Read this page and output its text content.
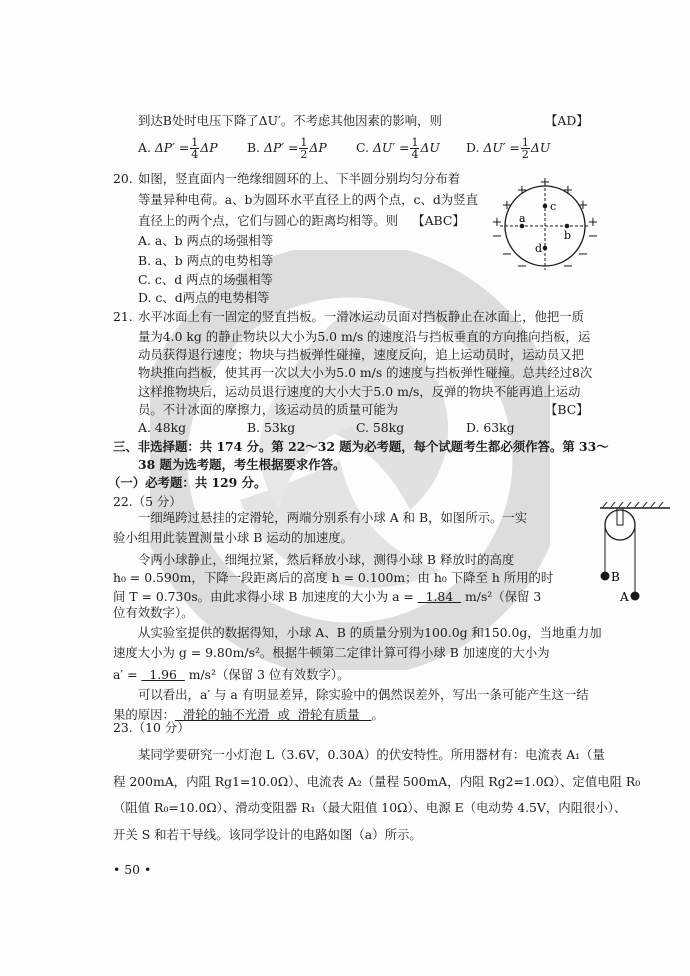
到达B处时电压下降了ΔU′。不考虑其他因素的影响，则	【AD】
A. $\Delta P' = \frac{1}{4}$ ΔP B. $\Delta P' = \frac{1}{2}$ ΔP C. $\Delta U' = \frac{1}{4}$ ΔU D. $\Delta U' = \frac{1}{2}$ ΔU
20. 如图，竖直面内一绝缘细圆环的上、下半圆分别均匀分布着
等量异种电荷。a、b为圆环水平直径上的两个点，c、d为竖直
直径上的两个点，它们与圆心的距离均相等。则 【ABC】
A. a、b 两点的场强相等
B. a、b 两点的电势相等
C. c、d 两点的场强相等
D. c、d两点的电势相等
+
+	+
+	+
+	+
−	−
−	−
−	−
c
a
b
d
21. 水平冰面上有一固定的竖直挡板。一滑冰运动员面对挡板静止在冰面上，他把一质
量为4.0 kg 的静止物块以大小为5.0 m/s 的速度沿与挡板垂直的方向推向挡板，运
动员获得退行速度；物块与挡板弹性碰撞，速度反向，追上运动员时，运动员又把
物块推向挡板，使其再一次以大小为5.0 m/s 的速度与挡板弹性碰撞。总共经过8次
这样推物块后，运动员退行速度的大小大于5.0 m/s，反弹的物块不能再追上运动
员。不计冰面的摩擦力，该运动员的质量可能为	【BC】
A. 48kg	B. 53kg	C. 58kg	D. 63kg
三、非选择题：共 174 分。第 22～32 题为必考题，每个试题考生都必须作答。第 33～
38 题为选考题，考生根据要求作答。
（一）必考题：共 129 分。
22.（5 分）
一细绳跨过悬挂的定滑轮，两端分别系有小球 A 和 B，如图所示。一实
验小组用此装置测量小球 B 运动的加速度。
令两小球静止，细绳拉紧，然后释放小球，测得小球 B 释放时的高度
h₀ = 0.590m，下降一段距离后的高度 h = 0.100m；由 h₀ 下降至 h 所用的时
间 T = 0.730s。由此求得小球 B 加速度的大小为 a =   1.84   m/s²（保留 3
位有效数字）。
从实验室提供的数据得知，小球 A、B 的质量分别为100.0g 和150.0g，当地重力加
速度大小为 g = 9.80m/s²。根据牛顿第二定律计算可得小球 B 加速度的大小为
a′ =   1.96   m/s²（保留 3 位有效数字）。
可以看出，a′ 与 a 有明显差异，除实验中的偶然误差外，写出一条可能产生这一结
果的原因：  滑轮的轴不光滑  或  滑轮有质量   。
B
A
23.（10 分）
某同学要研究一小灯泡 L（3.6V，0.30A）的伏安特性。所用器材有：电流表 A₁（量
程 200mA，内阻 Rg1=10.0Ω）、电流表 A₂（量程 500mA，内阻 Rg2=1.0Ω）、定值电阻 R₀
（阻值 R₀=10.0Ω）、滑动变阻器 R₁（最大阻值 10Ω）、电源 E（电动势 4.5V，内阻很小）、
开关 S 和若干导线。该同学设计的电路如图（a）所示。
• 50 •
